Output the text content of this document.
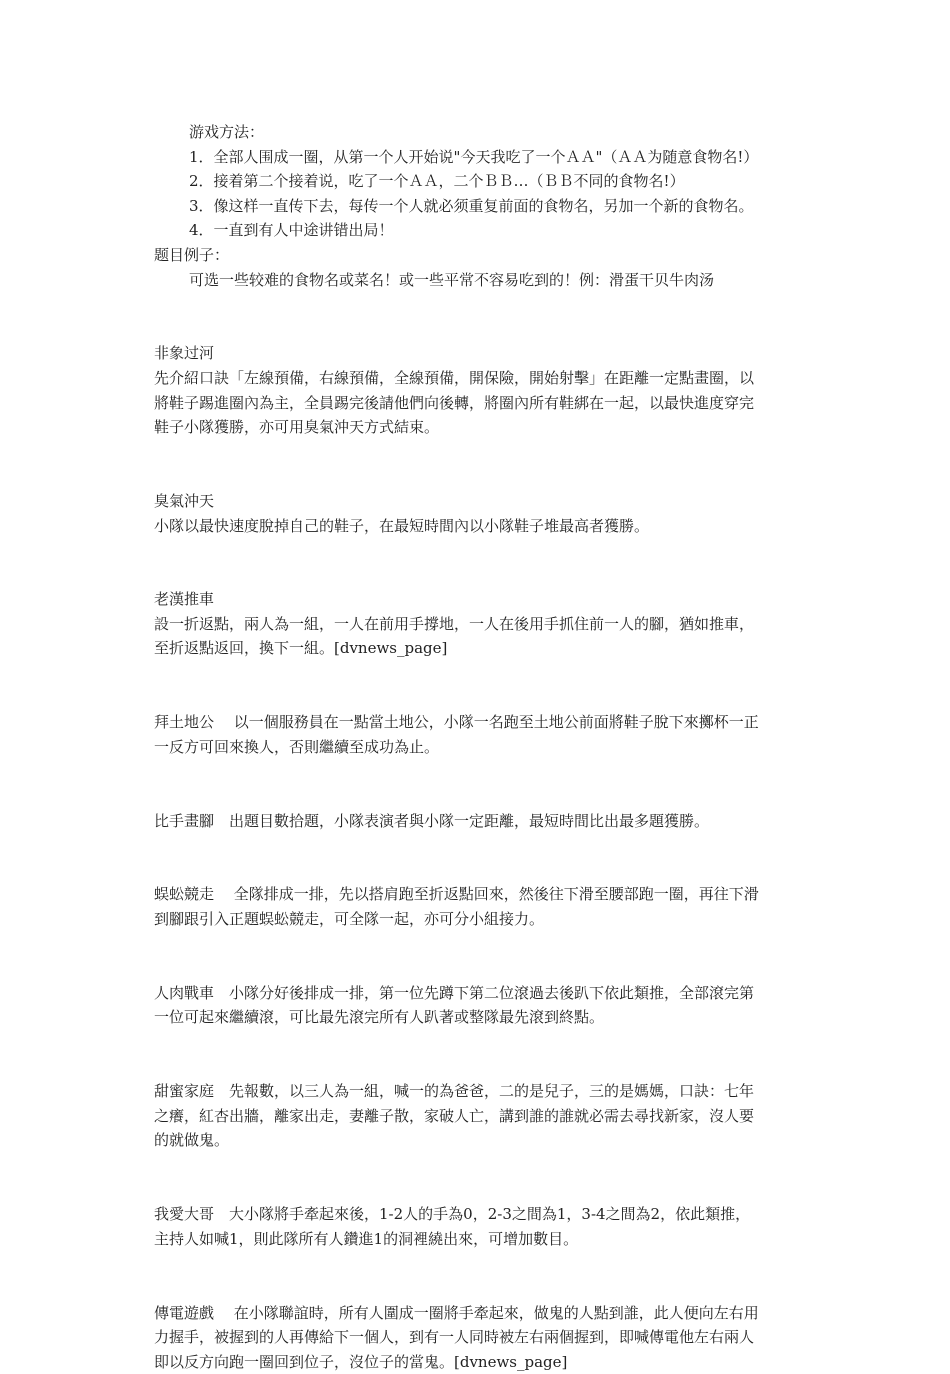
游戏方法：
1．全部人围成一圈，从第一个人开始说"今天我吃了一个ＡＡ"（ＡＡ为随意食物名!）
2．接着第二个接着说，吃了一个ＡＡ，二个ＢＢ…（ＢＢ不同的食物名!）
3．像这样一直传下去，每传一个人就必须重复前面的食物名，另加一个新的食物名。
4．一直到有人中途讲错出局！
题目例子：
可选一些较难的食物名或菜名！或一些平常不容易吃到的！例：滑蛋干贝牛肉汤
非象过河
先介紹口訣「左線預備，右線預備，全線預備，開保險，開始射擊」在距離一定點畫圈，以
將鞋子踢進圈內為主，全員踢完後請他們向後轉，將圈內所有鞋綁在一起，以最快進度穿完
鞋子小隊獲勝，亦可用臭氣沖天方式結束。
臭氣沖天
小隊以最快速度脫掉自己的鞋子，在最短時間內以小隊鞋子堆最高者獲勝。
老漢推車
設一折返點，兩人為一組，一人在前用手撐地，一人在後用手抓住前一人的腳，猶如推車，
至折返點返回，換下一組。[dvnews_page]
拜土地公　 以一個服務員在一點當土地公，小隊一名跑至土地公前面將鞋子脫下來擲杯一正
一反方可回來換人，否則繼續至成功為止。
比手畫腳　出題目數拾題，小隊表演者與小隊一定距離，最短時間比出最多題獲勝。
蜈蚣競走　 全隊排成一排，先以搭肩跑至折返點回來，然後往下滑至腰部跑一圈，再往下滑
到腳跟引入正題蜈蚣競走，可全隊一起，亦可分小組接力。
人肉戰車　小隊分好後排成一排，第一位先蹲下第二位滾過去後趴下依此類推，全部滾完第
一位可起來繼續滾，可比最先滾完所有人趴著或整隊最先滾到終點。
甜蜜家庭　先報數，以三人為一組，喊一的為爸爸，二的是兒子，三的是媽媽，口訣：七年
之癢，紅杏出牆，離家出走，妻離子散，家破人亡，講到誰的誰就必需去尋找新家，沒人要
的就做鬼。
我愛大哥　大小隊將手牽起來後，1-2人的手為0，2-3之間為1，3-4之間為2，依此類推，
主持人如喊1，則此隊所有人鑽進1的洞裡繞出來，可增加數目。
傳電遊戲　 在小隊聯誼時，所有人圍成一圈將手牽起來，做鬼的人點到誰，此人便向左右用
力握手，被握到的人再傳給下一個人，到有一人同時被左右兩個握到，即喊傳電他左右兩人
即以反方向跑一圈回到位子，沒位子的當鬼。[dvnews_page]
